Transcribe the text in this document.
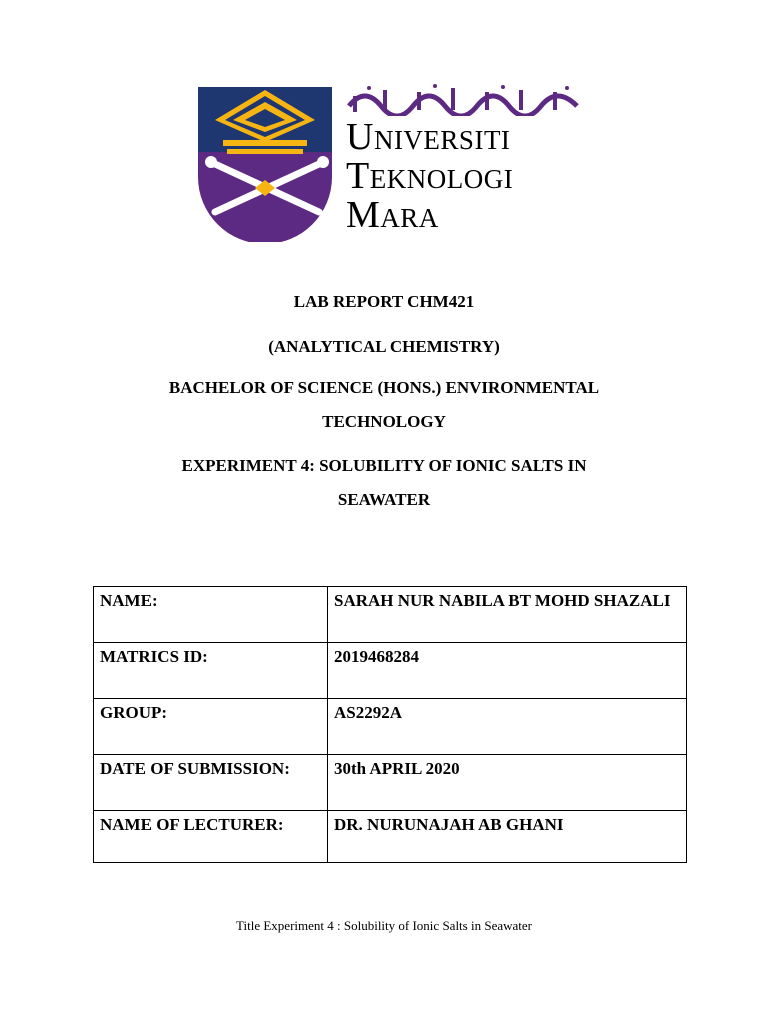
Universiti
Teknologi
Mara
LAB REPORT CHM421
(ANALYTICAL CHEMISTRY)
BACHELOR OF SCIENCE (HONS.) ENVIRONMENTAL
TECHNOLOGY
EXPERIMENT 4: SOLUBILITY OF IONIC SALTS IN
SEAWATER
NAME:	SARAH NUR NABILA BT MOHD SHAZALI
MATRICS ID:	2019468284
GROUP:	AS2292A
DATE OF SUBMISSION:	30th APRIL 2020
NAME OF LECTURER:	DR. NURUNAJAH AB GHANI
Title Experiment 4 : Solubility of Ionic Salts in Seawater
